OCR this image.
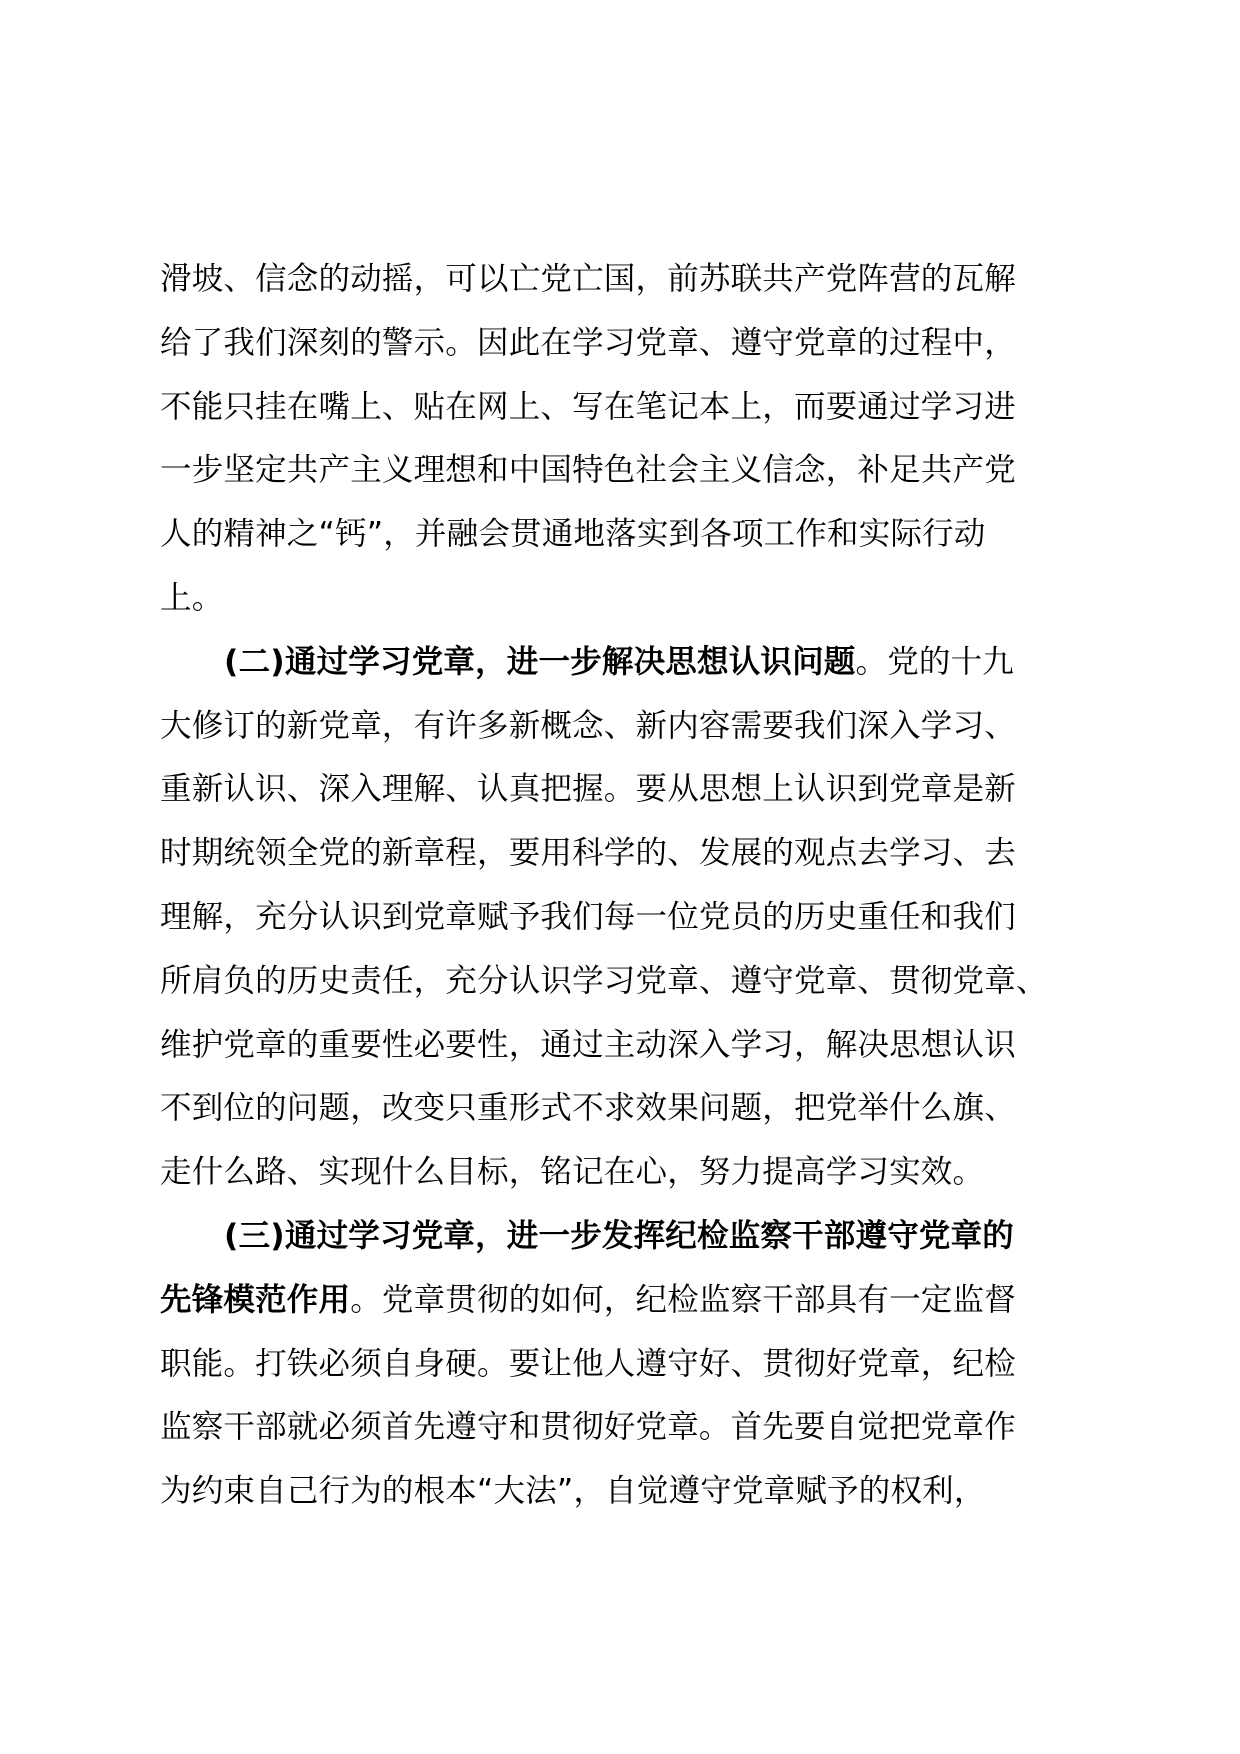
滑坡、信念的动摇，可以亡党亡国，前苏联共产党阵营的瓦解
给了我们深刻的警示。因此在学习党章、遵守党章的过程中，
不能只挂在嘴上、贴在网上、写在笔记本上，而要通过学习进
一步坚定共产主义理想和中国特色社会主义信念，补足共产党
人的精神之“钙”，并融会贯通地落实到各项工作和实际行动
上。
(二)通过学习党章，进一步解决思想认识问题。党的十九
大修订的新党章，有许多新概念、新内容需要我们深入学习、
重新认识、深入理解、认真把握。要从思想上认识到党章是新
时期统领全党的新章程，要用科学的、发展的观点去学习、去
理解，充分认识到党章赋予我们每一位党员的历史重任和我们
所肩负的历史责任，充分认识学习党章、遵守党章、贯彻党章、
维护党章的重要性必要性，通过主动深入学习，解决思想认识
不到位的问题，改变只重形式不求效果问题，把党举什么旗、
走什么路、实现什么目标，铭记在心，努力提高学习实效。
(三)通过学习党章，进一步发挥纪检监察干部遵守党章的
先锋模范作用。党章贯彻的如何，纪检监察干部具有一定监督
职能。打铁必须自身硬。要让他人遵守好、贯彻好党章，纪检
监察干部就必须首先遵守和贯彻好党章。首先要自觉把党章作
为约束自己行为的根本“大法”，自觉遵守党章赋予的权利，
